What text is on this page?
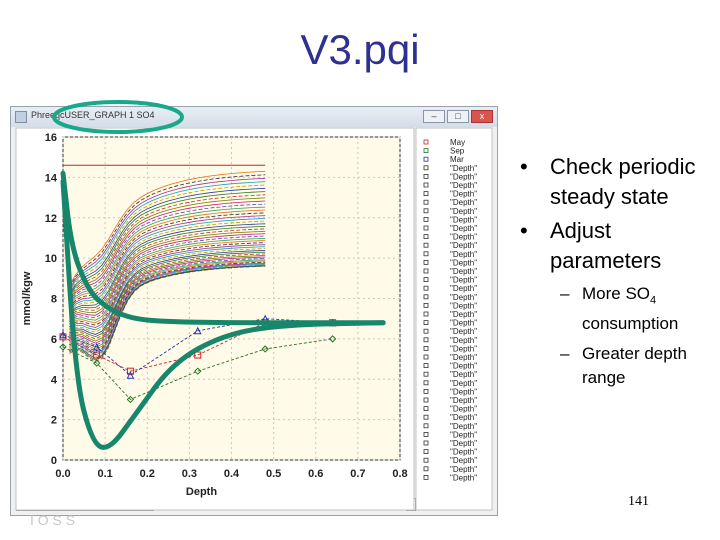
V3.pqi
PhreeqcUSER_GRAPH 1 SO4	–	□	x
0.0 0.1 0.2 0.3 0.4 0.5 0.6 0.7 0.8
0
2
4
6
8
10
12
14
16
Depth
mmol/kgw
May
Sep
Mar
"Depth"
"Depth"
"Depth"
"Depth"
"Depth"
"Depth"
"Depth"
"Depth"
"Depth"
"Depth"
"Depth"
"Depth"
"Depth"
"Depth"
"Depth"
"Depth"
"Depth"
"Depth"
"Depth"
"Depth"
"Depth"
"Depth"
"Depth"
"Depth"
"Depth"
"Depth"
"Depth"
"Depth"
"Depth"
"Depth"
"Depth"
"Depth"
"Depth"
"Depth"
"Depth"
"Depth"
"Depth"
• Check periodic steady state
• Adjust parameters
– More $SO_4$ consumption
– Greater depth range
141
I O S S
